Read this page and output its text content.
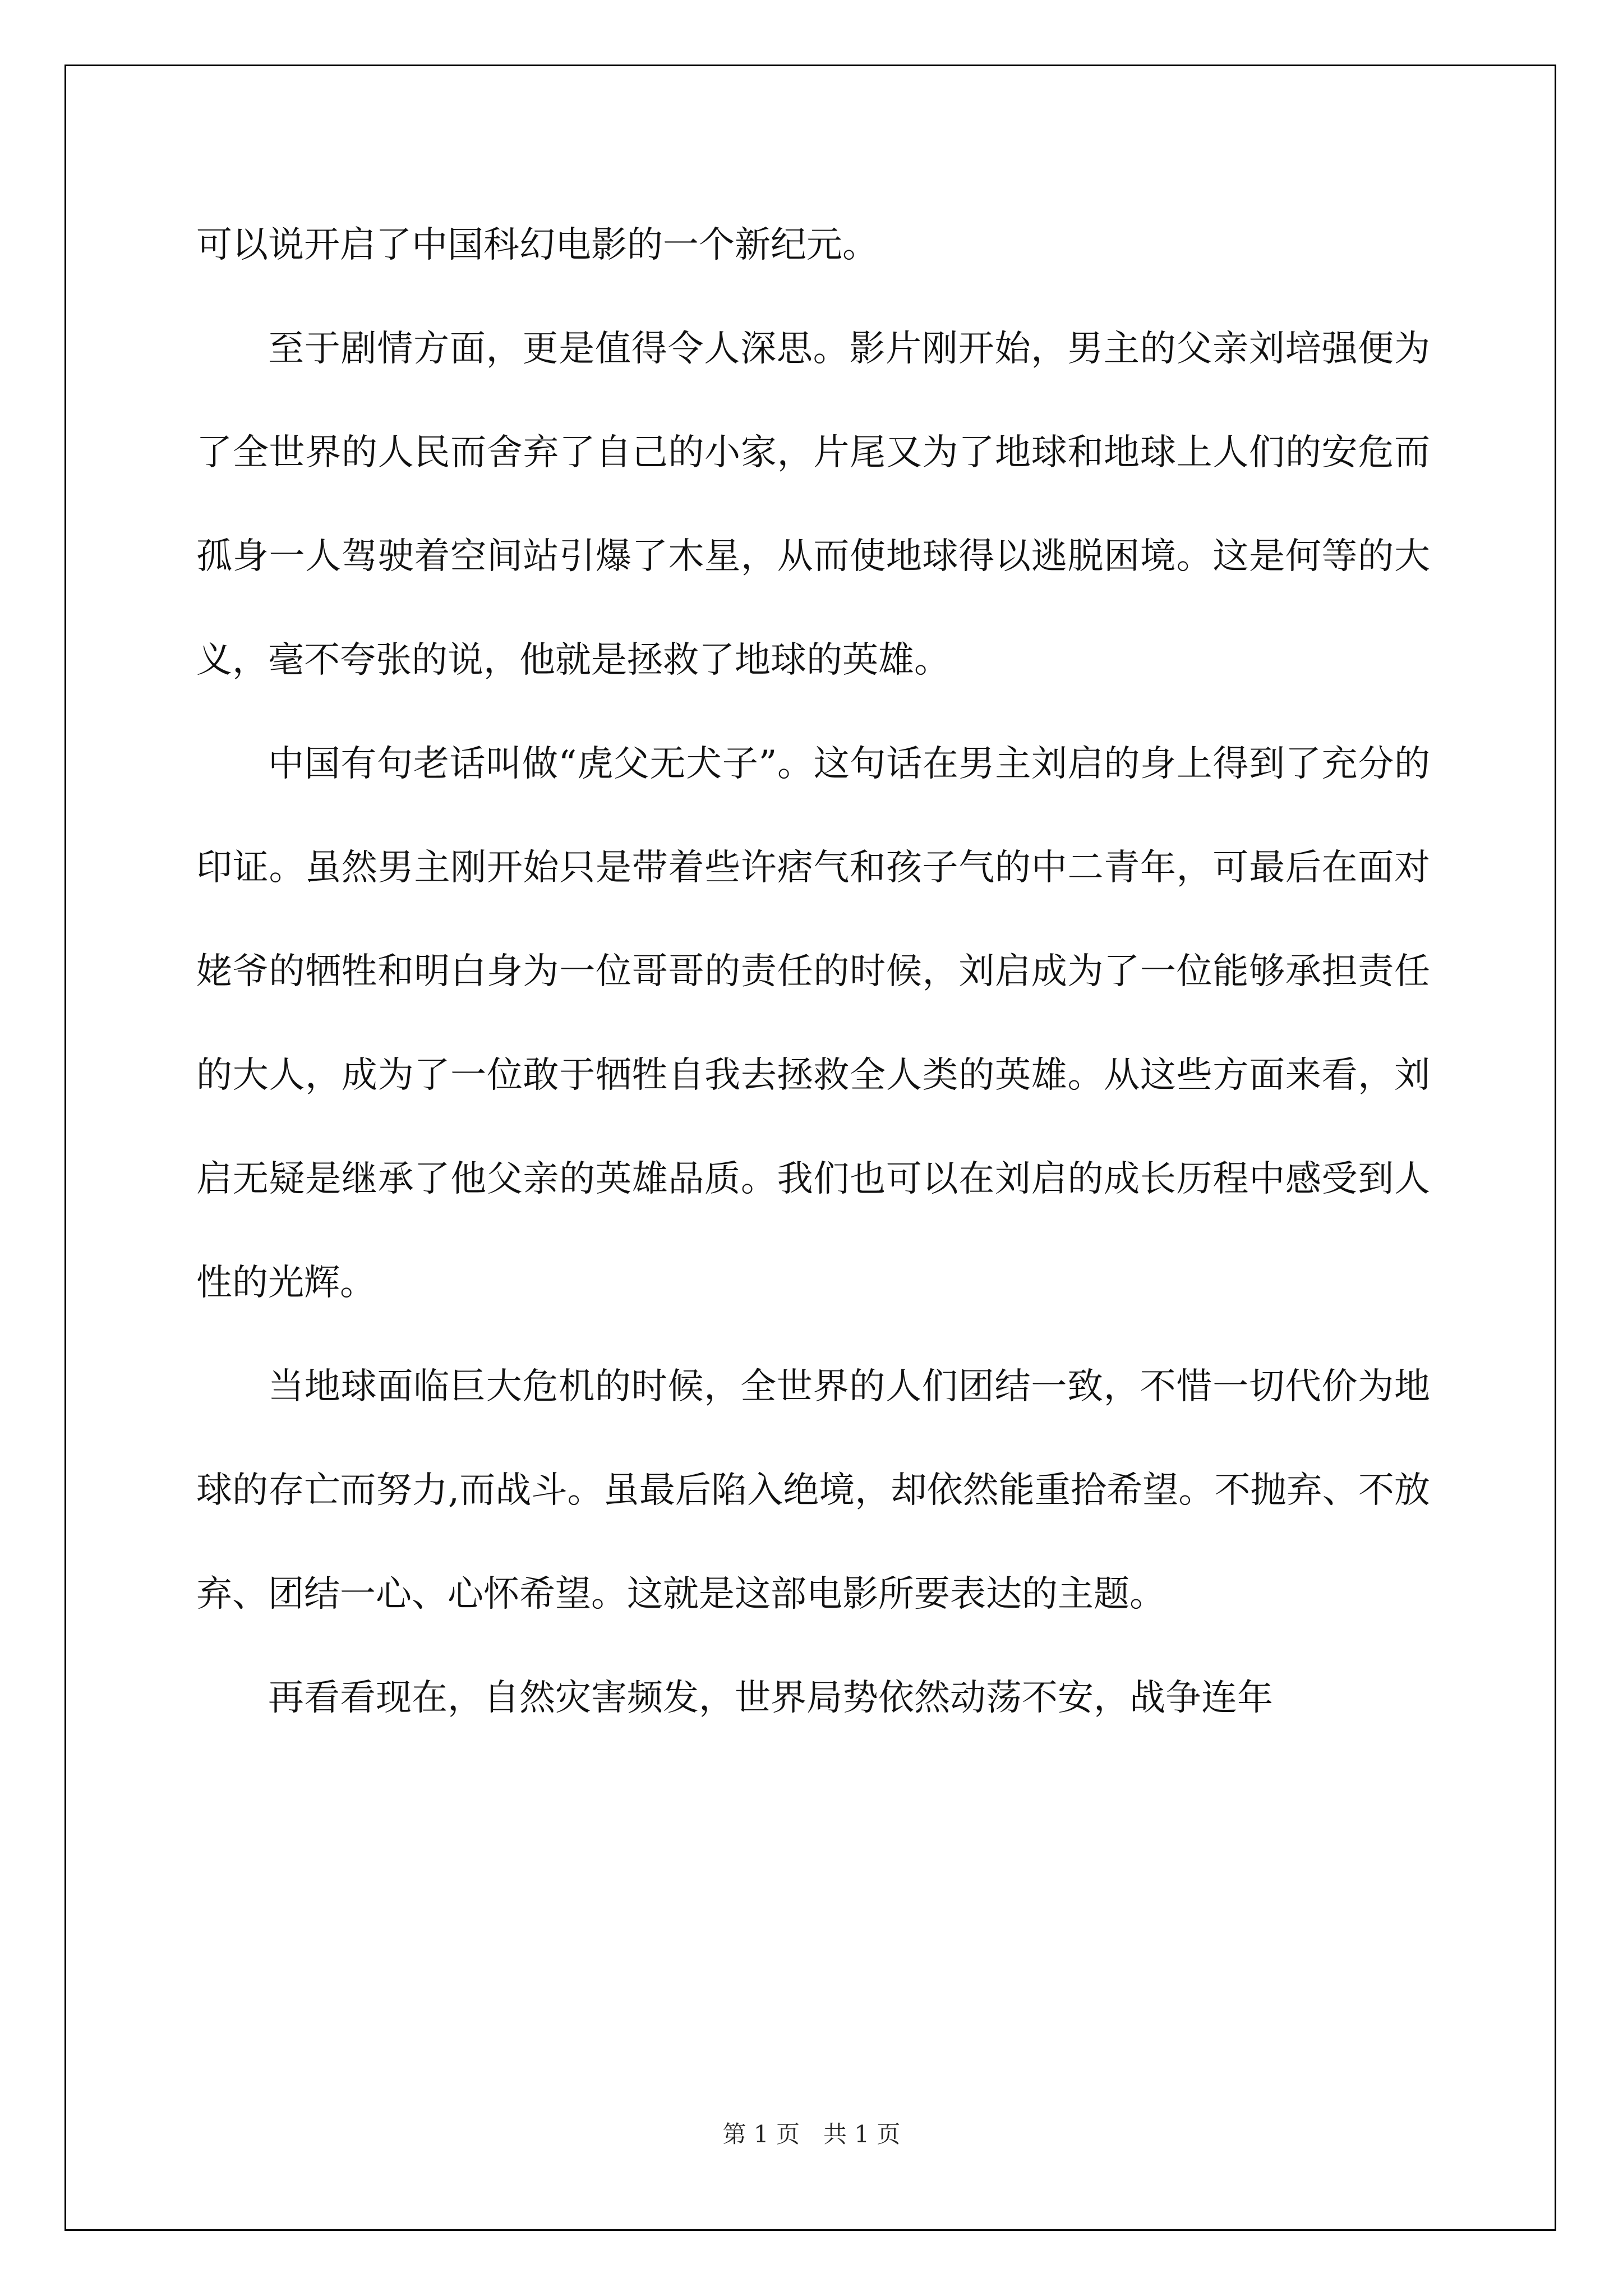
可以说开启了中国科幻电影的一个新纪元。

至于剧情方面，更是值得令人深思。影片刚开始，男主的父亲刘培强便为了全世界的人民而舍弃了自己的小家，片尾又为了地球和地球上人们的安危而孤身一人驾驶着空间站引爆了木星，从而使地球得以逃脱困境。这是何等的大义，毫不夸张的说，他就是拯救了地球的英雄。

中国有句老话叫做“虎父无犬子”。这句话在男主刘启的身上得到了充分的印证。虽然男主刚开始只是带着些许痞气和孩子气的中二青年，可最后在面对姥爷的牺牲和明白身为一位哥哥的责任的时候，刘启成为了一位能够承担责任的大人，成为了一位敢于牺牲自我去拯救全人类的英雄。从这些方面来看，刘启无疑是继承了他父亲的英雄品质。我们也可以在刘启的成长历程中感受到人性的光辉。

当地球面临巨大危机的时候，全世界的人们团结一致，不惜一切代价为地球的存亡而努力,而战斗。虽最后陷入绝境，却依然能重拾希望。不抛弃、不放弃、团结一心、心怀希望。这就是这部电影所要表达的主题。

再看看现在，自然灾害频发，世界局势依然动荡不安，战争连年

第 1 页　共 1 页
